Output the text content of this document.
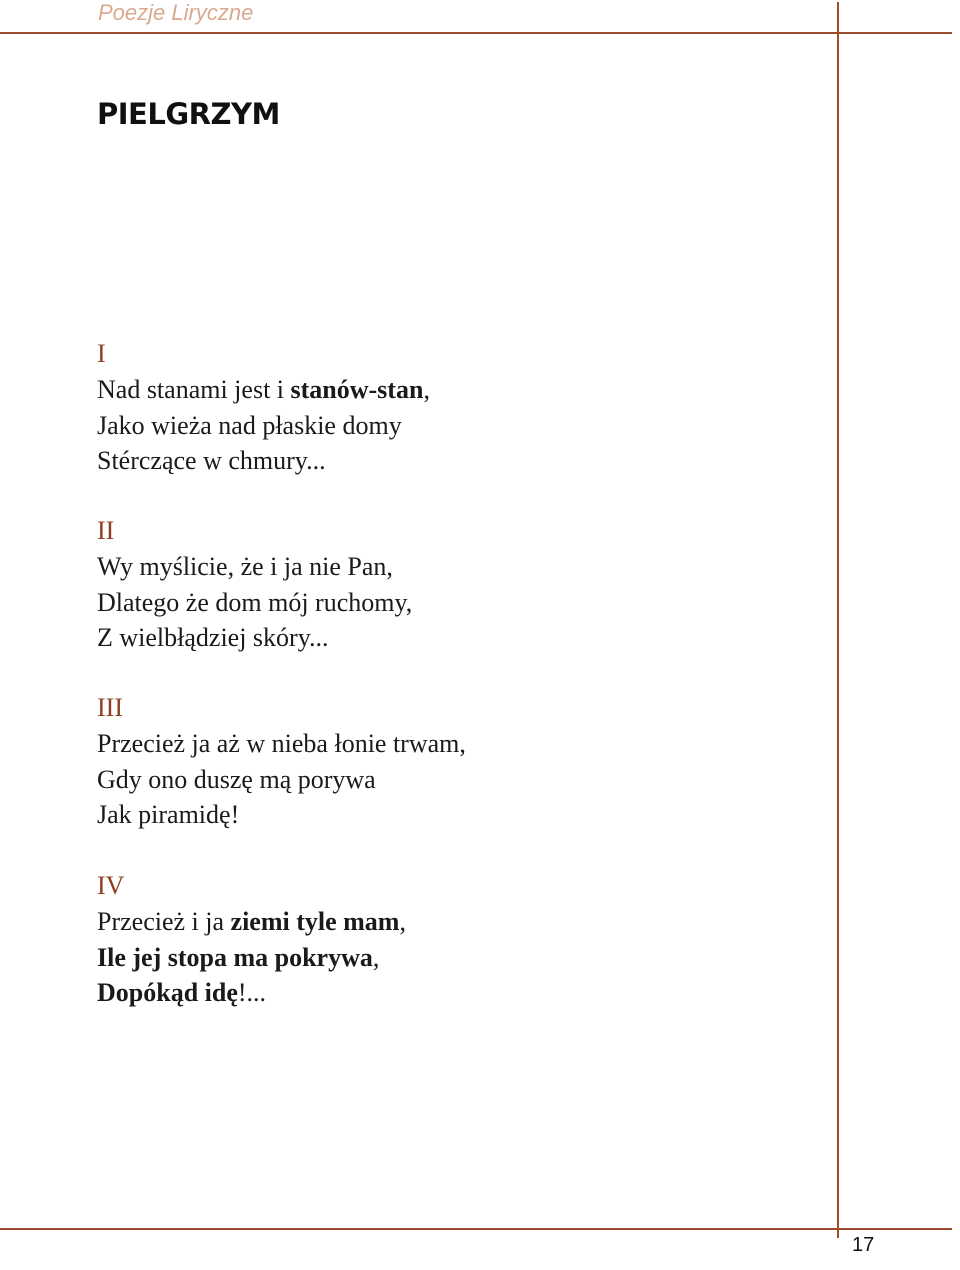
Poezje Liryczne
PIELGRZYM
I
Nad stanami jest i stanów-stan,
Jako wieża nad płaskie domy
Stérczące w chmury...
II
Wy myślicie, że i ja nie Pan,
Dlatego że dom mój ruchomy,
Z wielbłądziej skóry...
III
Przecież ja aż w nieba łonie trwam,
Gdy ono duszę mą porywa
Jak piramidę!
IV
Przecież i ja ziemi tyle mam,
Ile jej stopa ma pokrywa,
Dopókąd idę!...
17
